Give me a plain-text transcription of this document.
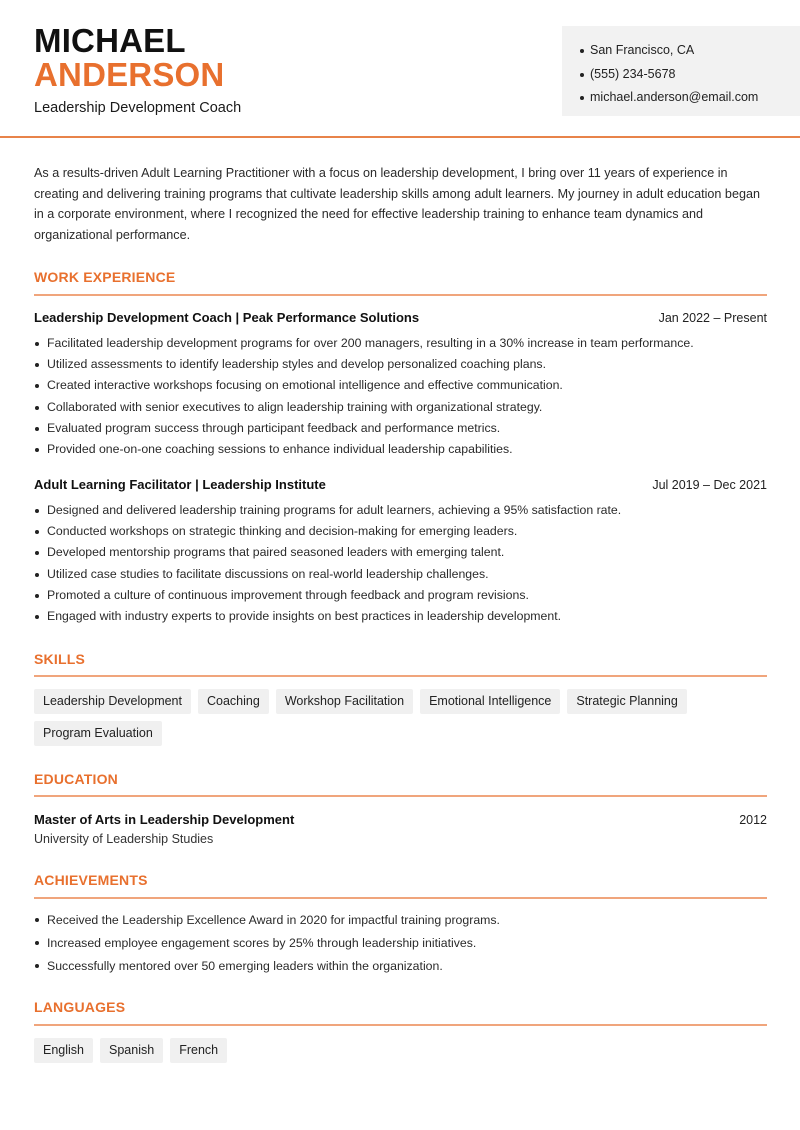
MICHAEL
ANDERSON
Leadership Development Coach
San Francisco, CA
(555) 234-5678
michael.anderson@email.com

As a results-driven Adult Learning Practitioner with a focus on leadership development, I bring over 11 years of experience in creating and delivering training programs that cultivate leadership skills among adult learners. My journey in adult education began in a corporate environment, where I recognized the need for effective leadership training to enhance team dynamics and organizational performance.

WORK EXPERIENCE
Leadership Development Coach | Peak Performance Solutions	Jan 2022 – Present
Facilitated leadership development programs for over 200 managers, resulting in a 30% increase in team performance.
Utilized assessments to identify leadership styles and develop personalized coaching plans.
Created interactive workshops focusing on emotional intelligence and effective communication.
Collaborated with senior executives to align leadership training with organizational strategy.
Evaluated program success through participant feedback and performance metrics.
Provided one-on-one coaching sessions to enhance individual leadership capabilities.
Adult Learning Facilitator | Leadership Institute	Jul 2019 – Dec 2021
Designed and delivered leadership training programs for adult learners, achieving a 95% satisfaction rate.
Conducted workshops on strategic thinking and decision-making for emerging leaders.
Developed mentorship programs that paired seasoned leaders with emerging talent.
Utilized case studies to facilitate discussions on real-world leadership challenges.
Promoted a culture of continuous improvement through feedback and program revisions.
Engaged with industry experts to provide insights on best practices in leadership development.
SKILLS
Leadership Development	Coaching	Workshop Facilitation	Emotional Intelligence	Strategic Planning
Program Evaluation
EDUCATION
Master of Arts in Leadership Development	2012
University of Leadership Studies
ACHIEVEMENTS
Received the Leadership Excellence Award in 2020 for impactful training programs.
Increased employee engagement scores by 25% through leadership initiatives.
Successfully mentored over 50 emerging leaders within the organization.
LANGUAGES
English	Spanish	French
